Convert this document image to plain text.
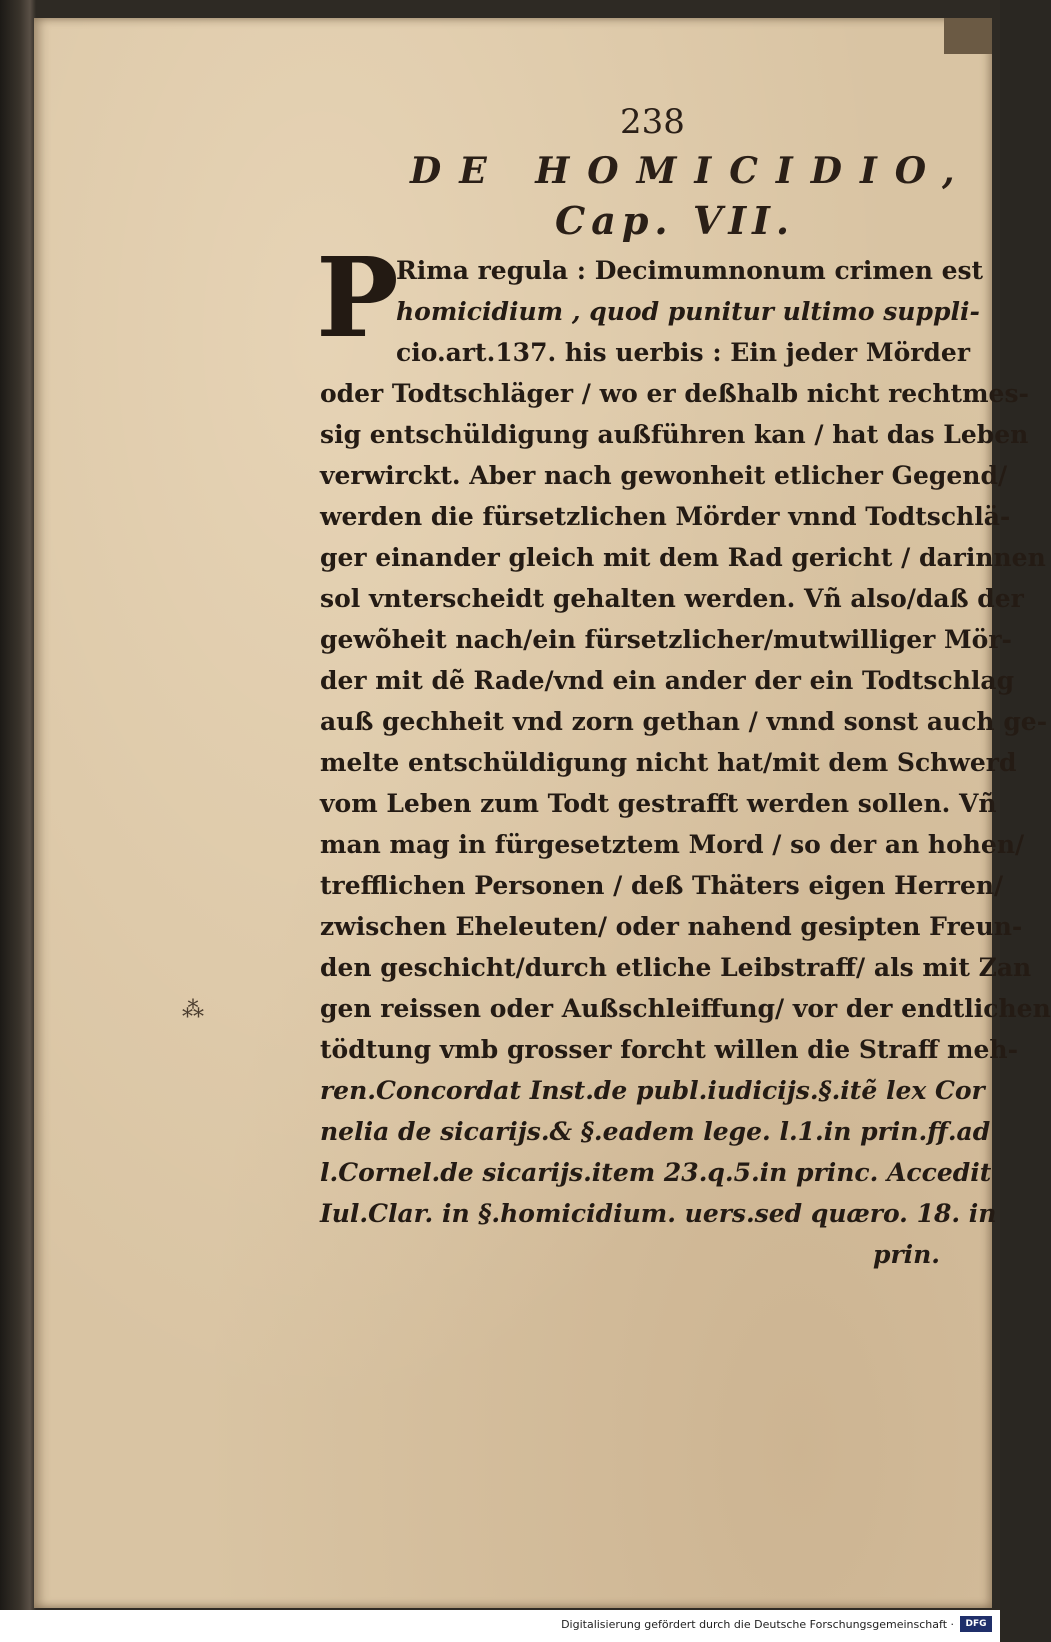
238
DE HOMICIDIO,
Cap. VII.
P
Rima regula : Decimumnonum crimen est
homicidium , quod punitur ultimo suppli-
cio.art.137. his uerbis : Ein jeder Mörder
oder Todtschläger / wo er deßhalb nicht rechtmes-
sig entschüldigung außführen kan / hat das Leben
verwirckt. Aber nach gewonheit etlicher Gegend/
werden die fürsetzlichen Mörder vnnd Todtschlä-
ger einander gleich mit dem Rad gericht / darinnen
sol vnterscheidt gehalten werden. Vñ also/daß der
gewõheit nach/ein fürsetzlicher/mutwilliger Mör-
der mit dẽ Rade/vnd ein ander der ein Todtschlag
auß gechheit vnd zorn gethan / vnnd sonst auch ge-
melte entschüldigung nicht hat/mit dem Schwerd
vom Leben zum Todt gestrafft werden sollen. Vñ
man mag in fürgesetztem Mord / so der an hohen/
trefflichen Personen / deß Thäters eigen Herren/
zwischen Eheleuten/ oder nahend gesipten Freun-
den geschicht/durch etliche Leibstraff/ als mit Zan
gen reissen oder Außschleiffung/ vor der endtlichen
tödtung vmb grosser forcht willen die Straff meh-
ren.Concordat Inst.de publ.iudicijs.§.itẽ lex Cor
nelia de sicarijs.& §.eadem lege. l.1.in prin.ff.ad
l.Cornel.de sicarijs.item 23.q.5.in princ. Accedit
Iul.Clar. in §.homicidium. uers.sed quæro. 18. in
prin.
⁂
Digitalisierung gefördert durch die Deutsche Forschungsgemeinschaft ·	DFG
